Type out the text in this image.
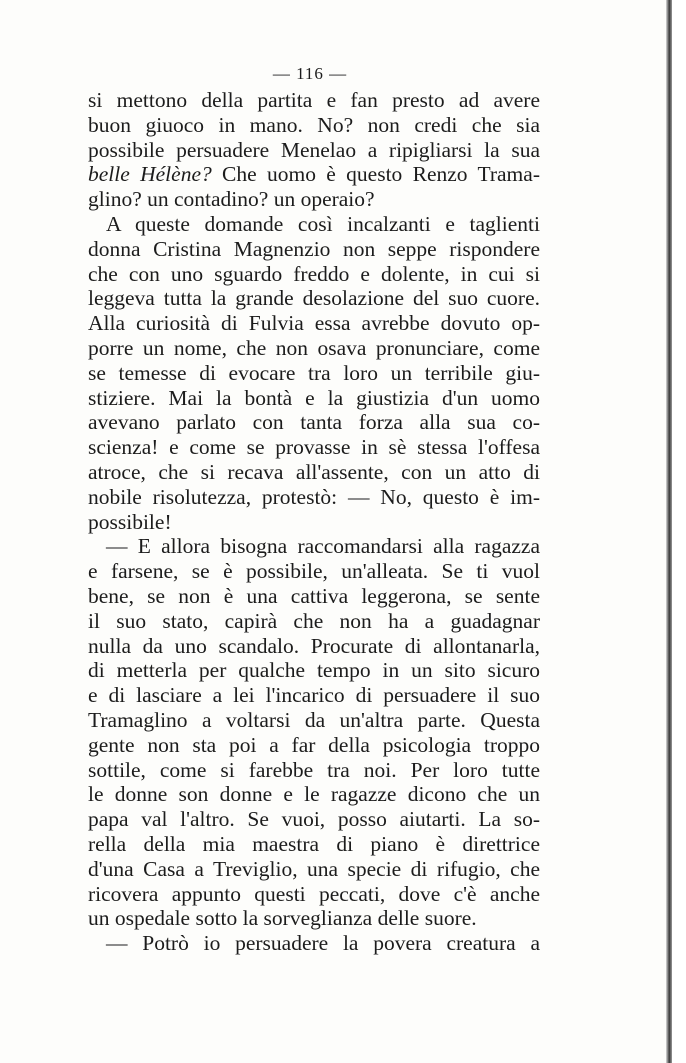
— 116 —
si mettono della partita e fan presto ad avere
buon giuoco in mano. No? non credi che sia
possibile persuadere Menelao a ripigliarsi la sua
belle Hélène? Che uomo è questo Renzo Trama-
glino? un contadino? un operaio?
A queste domande così incalzanti e taglienti
donna Cristina Magnenzio non seppe rispondere
che con uno sguardo freddo e dolente, in cui si
leggeva tutta la grande desolazione del suo cuore.
Alla curiosità di Fulvia essa avrebbe dovuto op-
porre un nome, che non osava pronunciare, come
se temesse di evocare tra loro un terribile giu-
stiziere. Mai la bontà e la giustizia d'un uomo
avevano parlato con tanta forza alla sua co-
scienza! e come se provasse in sè stessa l'offesa
atroce, che si recava all'assente, con un atto di
nobile risolutezza, protestò: — No, questo è im-
possibile!
— E allora bisogna raccomandarsi alla ragazza
e farsene, se è possibile, un'alleata. Se ti vuol
bene, se non è una cattiva leggerona, se sente
il suo stato, capirà che non ha a guadagnar
nulla da uno scandalo. Procurate di allontanarla,
di metterla per qualche tempo in un sito sicuro
e di lasciare a lei l'incarico di persuadere il suo
Tramaglino a voltarsi da un'altra parte. Questa
gente non sta poi a far della psicologia troppo
sottile, come si farebbe tra noi. Per loro tutte
le donne son donne e le ragazze dicono che un
papa val l'altro. Se vuoi, posso aiutarti. La so-
rella della mia maestra di piano è direttrice
d'una Casa a Treviglio, una specie di rifugio, che
ricovera appunto questi peccati, dove c'è anche
un ospedale sotto la sorveglianza delle suore.
— Potrò io persuadere la povera creatura a
